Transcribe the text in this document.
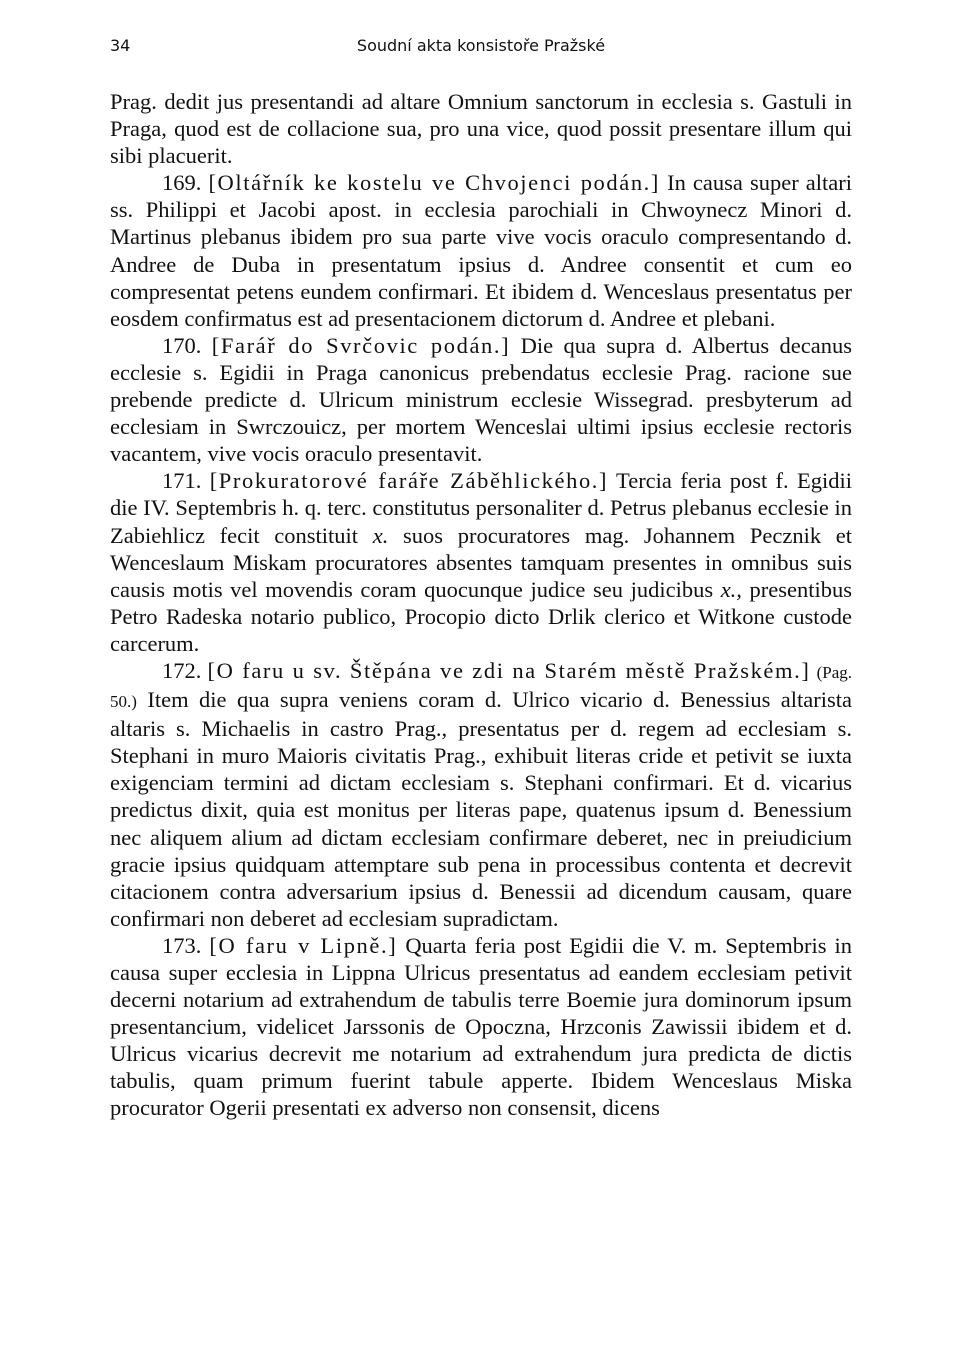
34	Soudní akta konsistoře Pražské

Prag. dedit jus presentandi ad altare Omnium sanctorum in ecclesia s. Gastuli in Praga, quod est de collacione sua, pro una vice, quod possit presentare illum qui sibi placuerit.

169. [Oltářník ke kostelu ve Chvojenci podán.] In causa super altari ss. Philippi et Jacobi apost. in ecclesia parochiali in Chwoynecz Minori d. Martinus plebanus ibidem pro sua parte vive vocis oraculo compresentando d. Andree de Duba in presentatum ipsius d. Andree consentit et cum eo compresentat petens eundem confirmari. Et ibidem d. Wenceslaus presentatus per eosdem confirmatus est ad presentacionem dictorum d. Andree et plebani.

170. [Farář do Svrčovic podán.] Die qua supra d. Albertus decanus ecclesie s. Egidii in Praga canonicus prebendatus ecclesie Prag. racione sue prebende predicte d. Ulricum ministrum ecclesie Wissegrad. presbyterum ad ecclesiam in Swrczouicz, per mortem Wenceslai ultimi ipsius ecclesie rectoris vacantem, vive vocis oraculo presentavit.

171. [Prokuratorové faráře Záběhlického.] Tercia feria post f. Egidii die IV. Septembris h. q. terc. constitutus personaliter d. Petrus plebanus ecclesie in Zabiehlicz fecit constituit x. suos procuratores mag. Johannem Pecznik et Wenceslaum Miskam procuratores absentes tamquam presentes in omnibus suis causis motis vel movendis coram quocunque judice seu judicibus x., presentibus Petro Radeska notario publico, Procopio dicto Drlik clerico et Witkone custode carcerum.

172. [O faru u sv. Štěpána ve zdi na Starém městě Pražském.] (Pag. 50.) Item die qua supra veniens coram d. Ulrico vicario d. Benessius altarista altaris s. Michaelis in castro Prag., presentatus per d. regem ad ecclesiam s. Stephani in muro Maioris civitatis Prag., exhibuit literas cride et petivit se iuxta exigenciam termini ad dictam ecclesiam s. Stephani confirmari. Et d. vicarius predictus dixit, quia est monitus per literas pape, quatenus ipsum d. Benessium nec aliquem alium ad dictam ecclesiam confirmare deberet, nec in preiudicium gracie ipsius quidquam attemptare sub pena in processibus contenta et decrevit citacionem contra adversarium ipsius d. Benessii ad dicendum causam, quare confirmari non deberet ad ecclesiam supradictam.

173. [O faru v Lipně.] Quarta feria post Egidii die V. m. Septembris in causa super ecclesia in Lippna Ulricus presentatus ad eandem ecclesiam petivit decerni notarium ad extrahendum de tabulis terre Boemie jura dominorum ipsum presentancium, videlicet Jarssonis de Opoczna, Hrzconis Zawissii ibidem et d. Ulricus vicarius decrevit me notarium ad extrahendum jura predicta de dictis tabulis, quam primum fuerint tabule apperte. Ibidem Wenceslaus Miska procurator Ogerii presentati ex adverso non consensit, dicens
